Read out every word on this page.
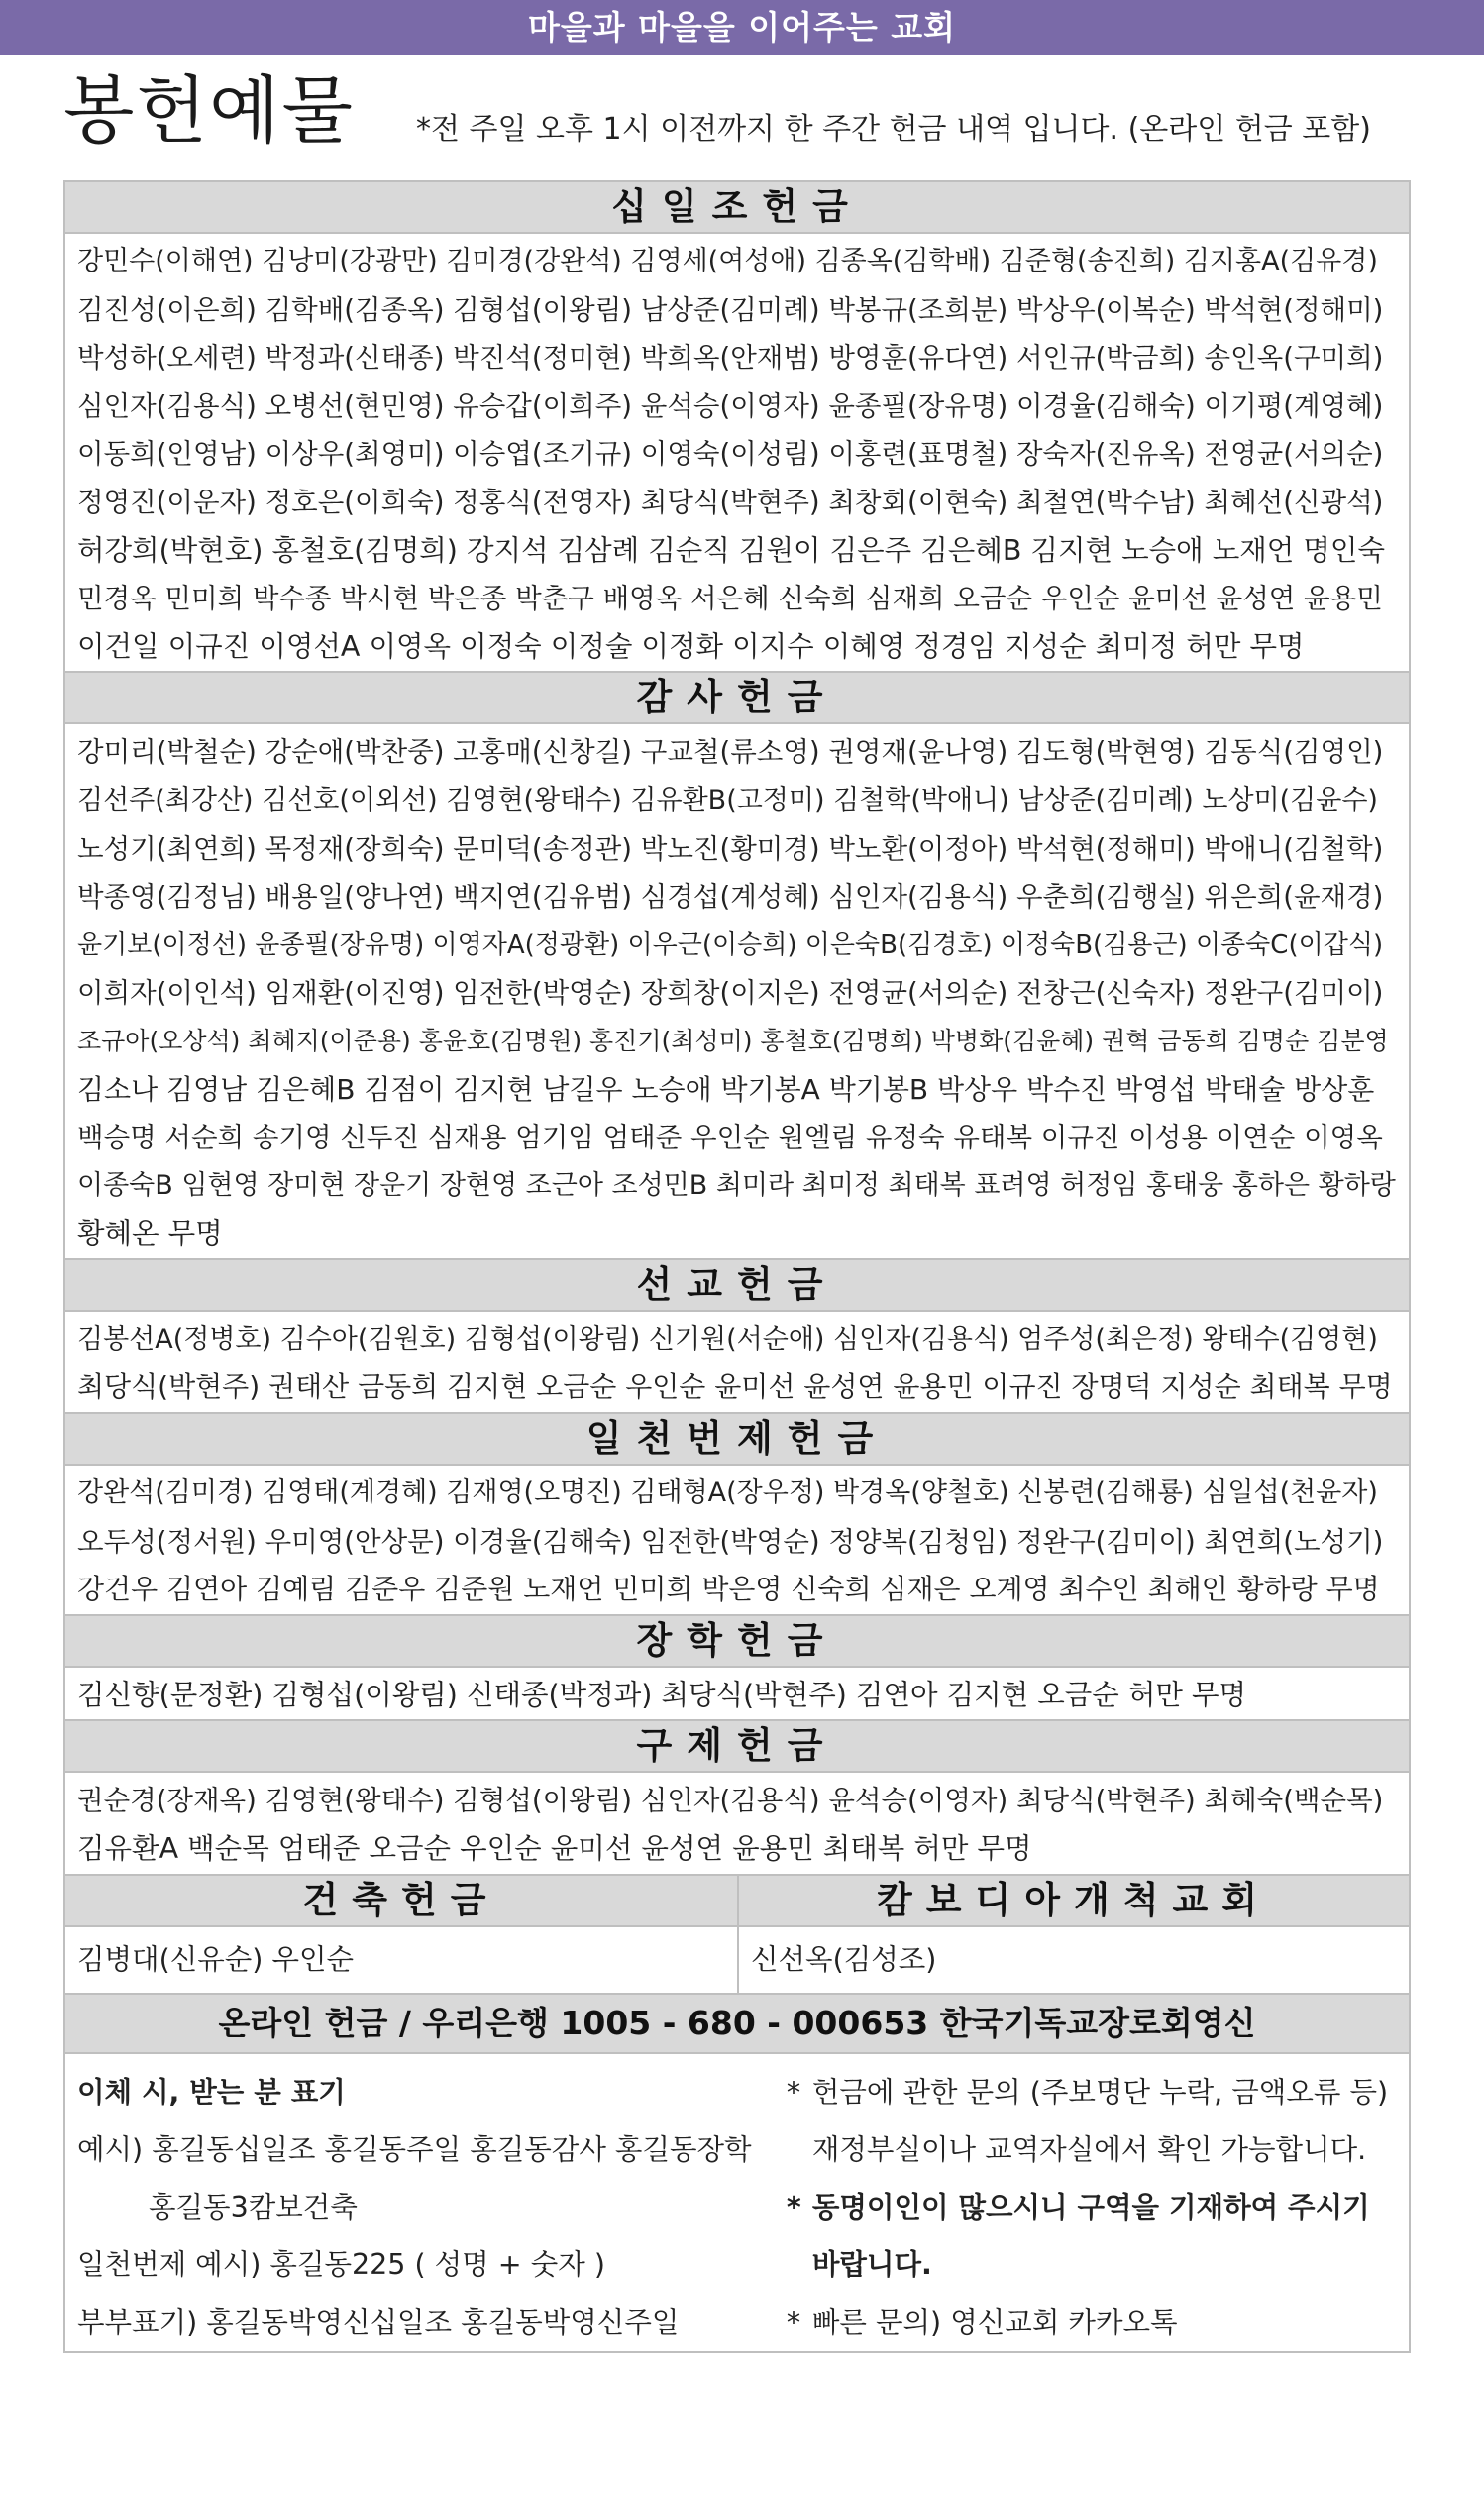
마을과 마을을 이어주는 교회
봉헌예물 *전 주일 오후 1시 이전까지 한 주간 헌금 내역 입니다. (온라인 헌금 포함)
십일조헌금
강민수(이해연) 김낭미(강광만) 김미경(강완석) 김영세(여성애) 김종옥(김학배) 김준형(송진희) 김지홍A(김유경)
김진성(이은희) 김학배(김종옥) 김형섭(이왕림) 남상준(김미례) 박봉규(조희분) 박상우(이복순) 박석현(정해미)
박성하(오세련) 박정과(신태종) 박진석(정미현) 박희옥(안재범) 방영훈(유다연) 서인규(박금희) 송인옥(구미희)
심인자(김용식) 오병선(현민영) 유승갑(이희주) 윤석승(이영자) 윤종필(장유명) 이경율(김해숙) 이기평(계영혜)
이동희(인영남) 이상우(최영미) 이승엽(조기규) 이영숙(이성림) 이홍련(표명철) 장숙자(진유옥) 전영균(서의순)
정영진(이운자) 정호은(이희숙) 정홍식(전영자) 최당식(박현주) 최창회(이현숙) 최철연(박수남) 최혜선(신광석)
허강희(박현호) 홍철호(김명희) 강지석 김삼례 김순직 김원이 김은주 김은혜B 김지현 노승애 노재언 명인숙
민경옥 민미희 박수종 박시현 박은종 박춘구 배영옥 서은혜 신숙희 심재희 오금순 우인순 윤미선 윤성연 윤용민
이건일 이규진 이영선A 이영옥 이정숙 이정술 이정화 이지수 이혜영 정경임 지성순 최미정 허만 무명
감사헌금
강미리(박철순) 강순애(박찬중) 고홍매(신창길) 구교철(류소영) 권영재(윤나영) 김도형(박현영) 김동식(김영인)
김선주(최강산) 김선호(이외선) 김영현(왕태수) 김유환B(고정미) 김철학(박애니) 남상준(김미례) 노상미(김윤수)
노성기(최연희) 목정재(장희숙) 문미덕(송정관) 박노진(황미경) 박노환(이정아) 박석현(정해미) 박애니(김철학)
박종영(김정님) 배용일(양나연) 백지연(김유범) 심경섭(계성혜) 심인자(김용식) 우춘희(김행실) 위은희(윤재경)
윤기보(이정선) 윤종필(장유명) 이영자A(정광환) 이우근(이승희) 이은숙B(김경호) 이정숙B(김용근) 이종숙C(이갑식)
이희자(이인석) 임재환(이진영) 임전한(박영순) 장희창(이지은) 전영균(서의순) 전창근(신숙자) 정완구(김미이)
조규아(오상석) 최혜지(이준용) 홍윤호(김명원) 홍진기(최성미) 홍철호(김명희) 박병화(김윤혜) 권혁 금동희 김명순 김분영
김소나 김영남 김은혜B 김점이 김지현 남길우 노승애 박기봉A 박기봉B 박상우 박수진 박영섭 박태술 방상훈
백승명 서순희 송기영 신두진 심재용 엄기임 엄태준 우인순 원엘림 유정숙 유태복 이규진 이성용 이연순 이영옥
이종숙B 임현영 장미현 장운기 장현영 조근아 조성민B 최미라 최미정 최태복 표려영 허정임 홍태웅 홍하은 황하랑
황혜온 무명
선교헌금
김봉선A(정병호) 김수아(김원호) 김형섭(이왕림) 신기원(서순애) 심인자(김용식) 엄주성(최은정) 왕태수(김영현)
최당식(박현주) 권태산 금동희 김지현 오금순 우인순 윤미선 윤성연 윤용민 이규진 장명덕 지성순 최태복 무명
일천번제헌금
강완석(김미경) 김영태(계경혜) 김재영(오명진) 김태형A(장우정) 박경옥(양철호) 신봉련(김해룡) 심일섭(천윤자)
오두성(정서원) 우미영(안상문) 이경율(김해숙) 임전한(박영순) 정양복(김청임) 정완구(김미이) 최연희(노성기)
강건우 김연아 김예림 김준우 김준원 노재언 민미희 박은영 신숙희 심재은 오계영 최수인 최해인 황하랑 무명
장학헌금
김신향(문정환) 김형섭(이왕림) 신태종(박정과) 최당식(박현주) 김연아 김지현 오금순 허만 무명
구제헌금
권순경(장재옥) 김영현(왕태수) 김형섭(이왕림) 심인자(김용식) 윤석승(이영자) 최당식(박현주) 최혜숙(백순목)
김유환A 백순목 엄태준 오금순 우인순 윤미선 윤성연 윤용민 최태복 허만 무명
건축헌금
김병대(신유순) 우인순
캄보디아개척교회
신선옥(김성조)
온라인 헌금 / 우리은행 1005 - 680 - 000653 한국기독교장로회영신
이체 시, 받는 분 표기
예시) 홍길동십일조 홍길동주일 홍길동감사 홍길동장학
홍길동3캄보건축
일천번제 예시) 홍길동225 ( 성명 + 숫자 )
부부표기) 홍길동박영신십일조 홍길동박영신주일
* 헌금에 관한 문의 (주보명단 누락, 금액오류 등)
재정부실이나 교역자실에서 확인 가능합니다.
* 동명이인이 많으시니 구역을 기재하여 주시기
바랍니다.
* 빠른 문의) 영신교회 카카오톡
